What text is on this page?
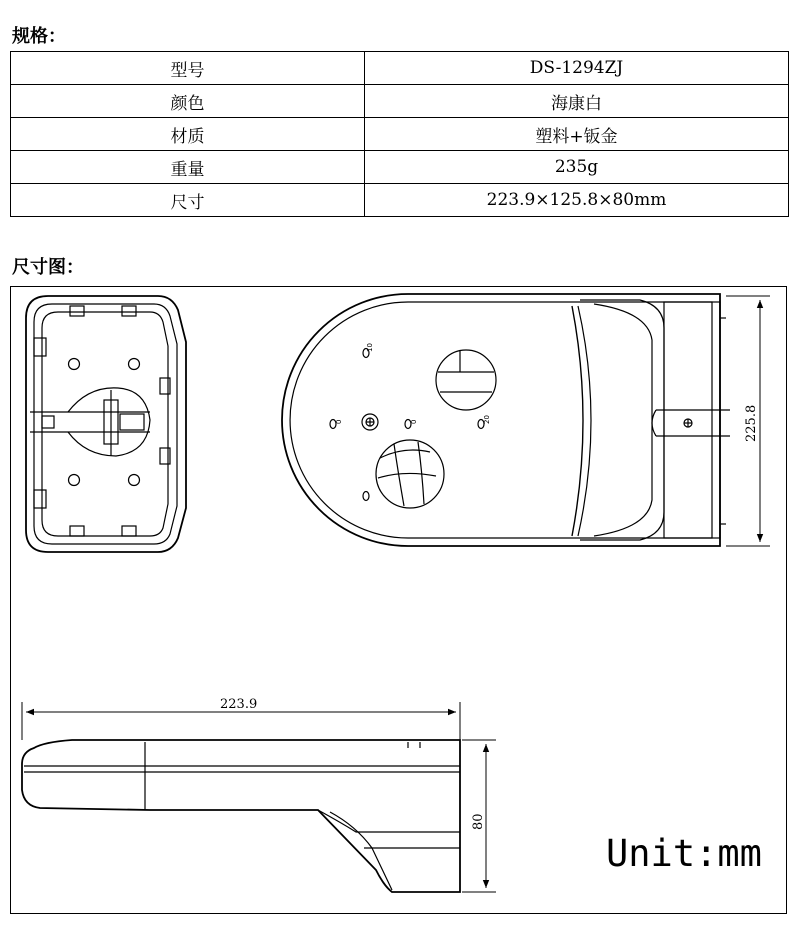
规格：
型号	DS-1294ZJ
颜色	海康白
材质	塑料+钣金
重量	235g
尺寸	223.9×125.8×80mm
尺寸图：
10
0	0	20	225.8
223.9
80
Unit:mm
